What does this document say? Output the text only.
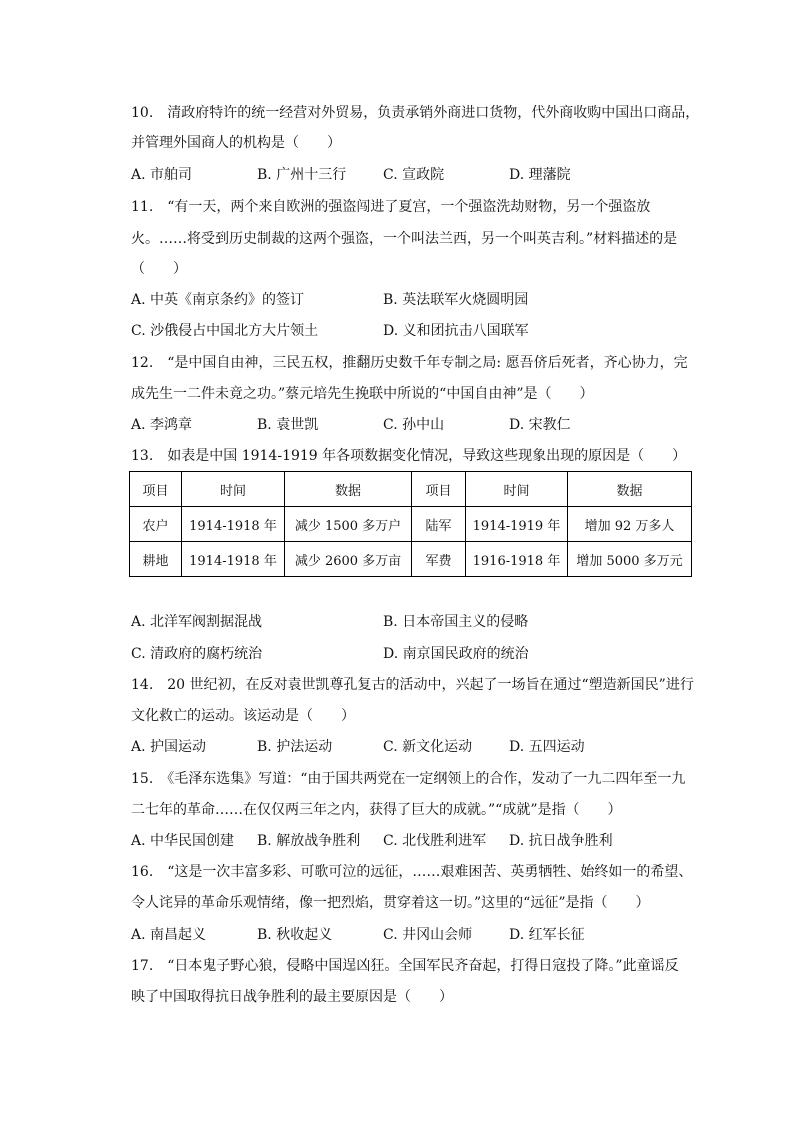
10.　清政府特许的统一经营对外贸易，负责承销外商进口货物，代外商收购中国出口商品，
并管理外国商人的机构是（　　）
A. 市舶司	B. 广州十三行	C. 宣政院	D. 理藩院
11.　“有一天，两个来自欧洲的强盗闯进了夏宫，一个强盗洗劫财物，另一个强盗放
火。……将受到历史制裁的这两个强盗，一个叫法兰西，另一个叫英吉利。”材料描述的是
（　　）
A. 中英《南京条约》的签订	B. 英法联军火烧圆明园
C. 沙俄侵占中国北方大片领土	D. 义和团抗击八国联军
12.　“是中国自由神，三民五权，推翻历史数千年专制之局: 愿吾侪后死者，齐心协力，完
成先生一二件未竟之功。”蔡元培先生挽联中所说的“中国自由神”是（　　）
A. 李鸿章	B. 袁世凯	C. 孙中山	D. 宋教仁
13.　如表是中国 1914-1919 年各项数据变化情况，导致这些现象出现的原因是（　　）
项目	时间	数据	项目	时间	数据
农户	1914-1918 年	减少 1500 多万户	陆军	1914-1919 年	增加 92 万多人
耕地	1914-1918 年	减少 2600 多万亩	军费	1916-1918 年	增加 5000 多万元
A. 北洋军阀割据混战	B. 日本帝国主义的侵略
C. 清政府的腐朽统治	D. 南京国民政府的统治
14.　20 世纪初，在反对袁世凯尊孔复古的活动中，兴起了一场旨在通过“塑造新国民”进行
文化救亡的运动。该运动是（　　）
A. 护国运动	B. 护法运动	C. 新文化运动	D. 五四运动
15.　《毛泽东选集》写道：“由于国共两党在一定纲领上的合作，发动了一九二四年至一九
二七年的革命……在仅仅两三年之内，获得了巨大的成就。”“成就”是指（　　）
A. 中华民国创建 B. 解放战争胜利 C. 北伐胜利进军 D. 抗日战争胜利
16.　“这是一次丰富多彩、可歌可泣的远征，……艰难困苦、英勇牺牲、始终如一的希望、
令人诧异的革命乐观情绪，像一把烈焰，贯穿着这一切。”这里的“远征”是指（　　）
A. 南昌起义	B. 秋收起义	C. 井冈山会师	D. 红军长征
17.　“日本鬼子野心狼，侵略中国逞凶狂。全国军民齐奋起，打得日寇投了降。”此童谣反
映了中国取得抗日战争胜利的最主要原因是（　　）
